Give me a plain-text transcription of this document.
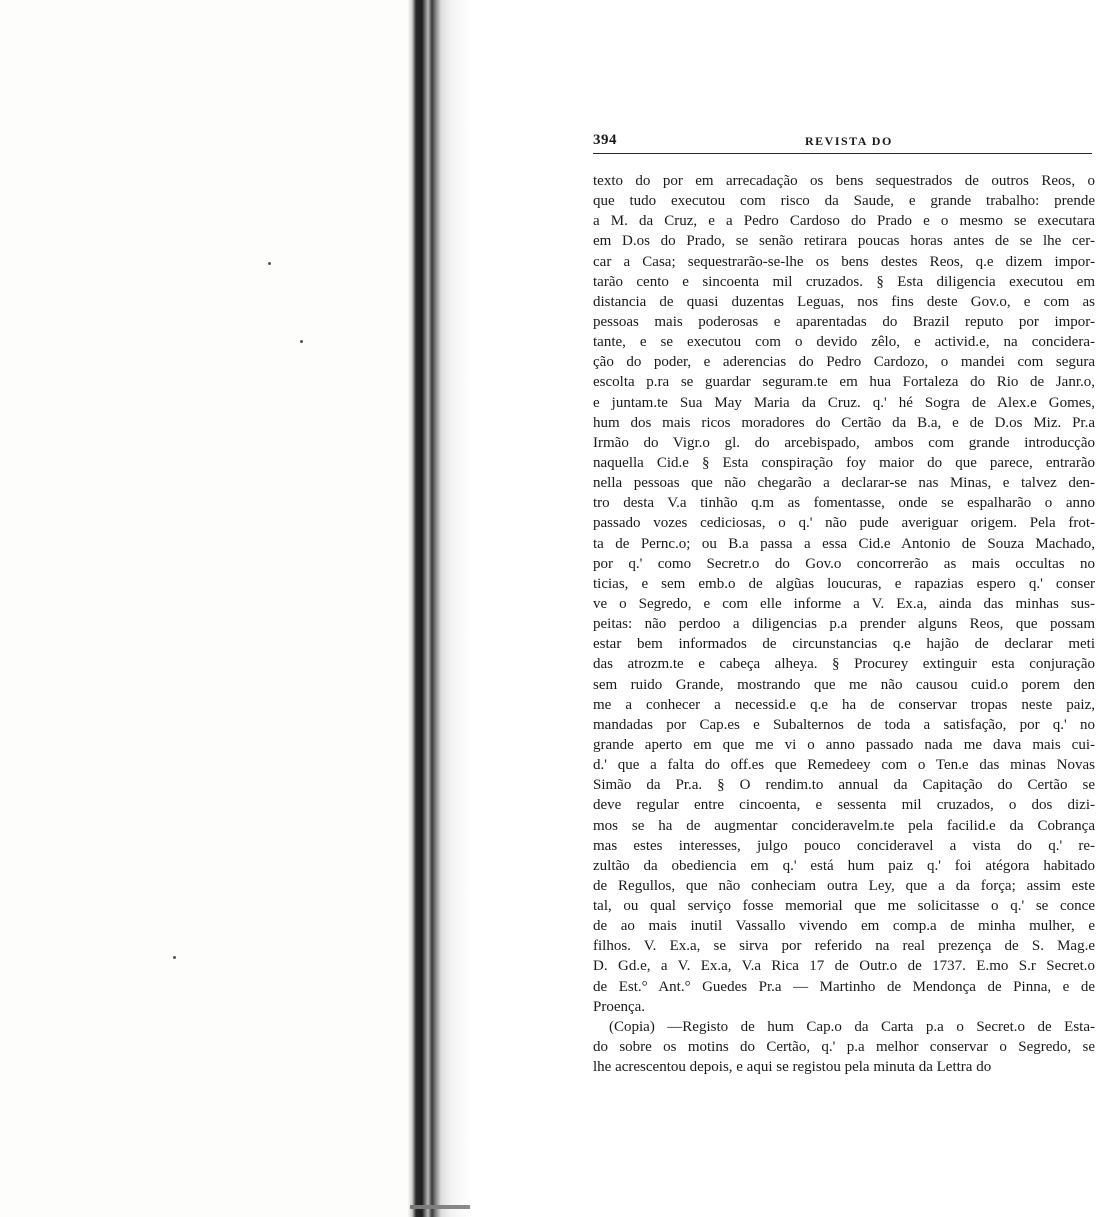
394	REVISTA DO
texto do por em arrecadação os bens sequestrados de outros Reos, o
que tudo executou com risco da Saude, e grande trabalho: prende
a M. da Cruz, e a Pedro Cardoso do Prado e o mesmo se executara
em D.os do Prado, se senão retirara poucas horas antes de se lhe cer-
car a Casa; sequestrarão-se-lhe os bens destes Reos, q.e dizem impor-
tarão cento e sincoenta mil cruzados. § Esta diligencia executou em
distancia de quasi duzentas Leguas, nos fins deste Gov.o, e com as
pessoas mais poderosas e aparentadas do Brazil reputo por impor-
tante, e se executou com o devido zêlo, e activid.e, na concidera-
ção do poder, e aderencias do Pedro Cardozo, o mandei com segura
escolta p.ra se guardar seguram.te em hua Fortaleza do Rio de Janr.o,
e juntam.te Sua May Maria da Cruz. q.' hé Sogra de Alex.e Gomes,
hum dos mais ricos moradores do Certão da B.a, e de D.os Miz. Pr.a
Irmão do Vigr.o gl. do arcebispado, ambos com grande introducção
naquella Cid.e § Esta conspiração foy maior do que parece, entrarão
nella pessoas que não chegarão a declarar-se nas Minas, e talvez den-
tro desta V.a tinhão q.m as fomentasse, onde se espalharão o anno
passado vozes cediciosas, o q.' não pude averiguar origem. Pela frot-
ta de Pernc.o; ou B.a passa a essa Cid.e Antonio de Souza Machado,
por q.' como Secretr.o do Gov.o concorrerão as mais occultas no
ticias, e sem emb.o de algũas loucuras, e rapazias espero q.' conser
ve o Segredo, e com elle informe a V. Ex.a, ainda das minhas sus-
peitas: não perdoo a diligencias p.a prender alguns Reos, que possam
estar bem informados de circunstancias q.e hajão de declarar meti
das atrozm.te e cabeça alheya. § Procurey extinguir esta conjuração
sem ruido Grande, mostrando que me não causou cuid.o porem den
me a conhecer a necessid.e q.e ha de conservar tropas neste paiz,
mandadas por Cap.es e Subalternos de toda a satisfação, por q.' no
grande aperto em que me vi o anno passado nada me dava mais cui-
d.' que a falta do off.es que Remedeey com o Ten.e das minas Novas
Simão da Pr.a. § O rendim.to annual da Capitação do Certão se
deve regular entre cincoenta, e sessenta mil cruzados, o dos dizi-
mos se ha de augmentar concideravelm.te pela facilid.e da Cobrança
mas estes interesses, julgo pouco concideravel a vista do q.' re-
zultão da obediencia em q.' está hum paiz q.' foi atégora habitado
de Regullos, que não conheciam outra Ley, que a da força; assim este
tal, ou qual serviço fosse memorial que me solicitasse o q.' se conce
de ao mais inutil Vassallo vivendo em comp.a de minha mulher, e
filhos. V. Ex.a, se sirva por referido na real prezença de S. Mag.e
D. Gd.e, a V. Ex.a, V.a Rica 17 de Outr.o de 1737. E.mo S.r Secret.o
de Est.° Ant.° Guedes Pr.a — Martinho de Mendonça de Pinna, e de
Proença.
(Copia) —Registo de hum Cap.o da Carta p.a o Secret.o de Esta-
do sobre os motins do Certão, q.' p.a melhor conservar o Segredo, se
lhe acrescentou depois, e aqui se registou pela minuta da Lettra do
